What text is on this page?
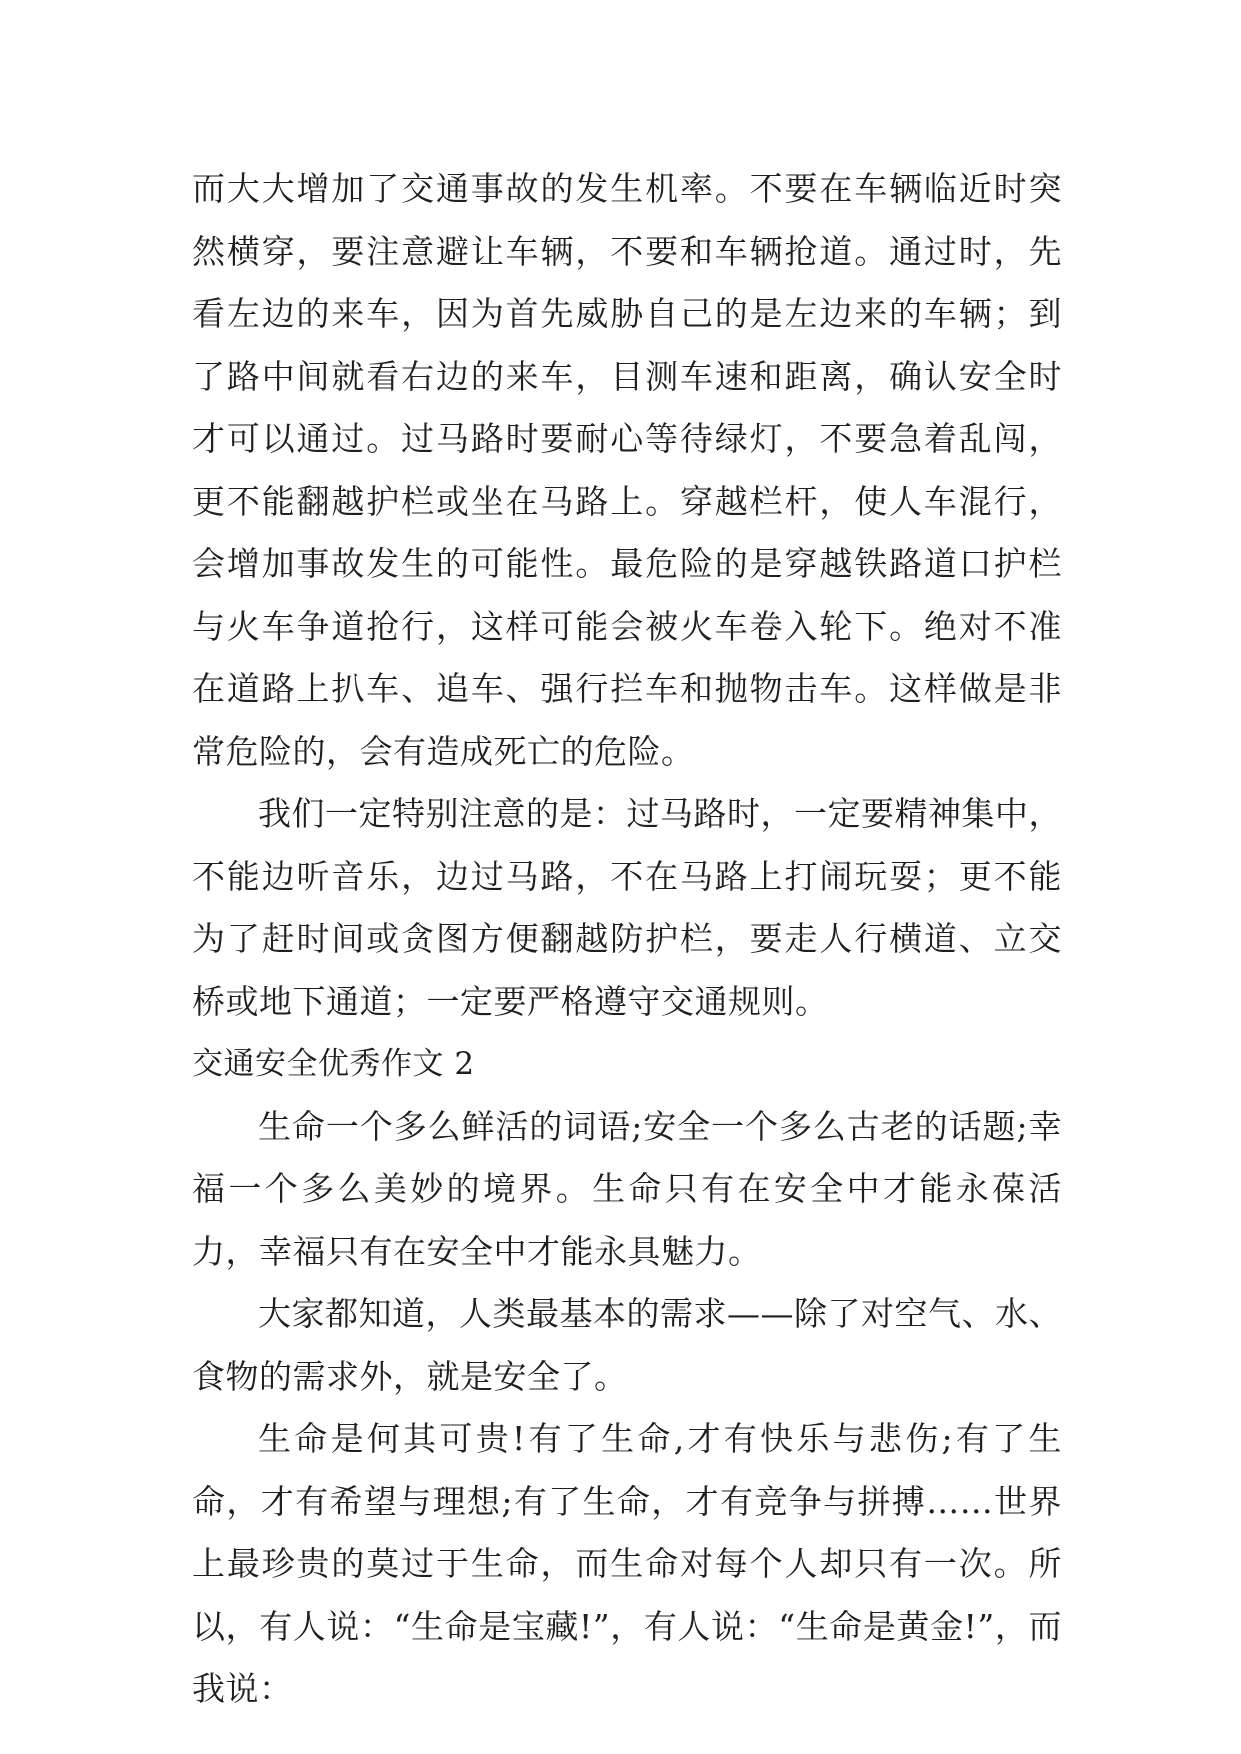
而大大增加了交通事故的发生机率。不要在车辆临近时突然横穿，要注意避让车辆，不要和车辆抢道。通过时，先看左边的来车，因为首先威胁自己的是左边来的车辆；到了路中间就看右边的来车，目测车速和距离，确认安全时才可以通过。过马路时要耐心等待绿灯，不要急着乱闯，更不能翻越护栏或坐在马路上。穿越栏杆，使人车混行，会增加事故发生的可能性。最危险的是穿越铁路道口护栏与火车争道抢行，这样可能会被火车卷入轮下。绝对不准在道路上扒车、追车、强行拦车和抛物击车。这样做是非常危险的，会有造成死亡的危险。

我们一定特别注意的是：过马路时，一定要精神集中，不能边听音乐，边过马路，不在马路上打闹玩耍；更不能为了赶时间或贪图方便翻越防护栏，要走人行横道、立交桥或地下通道；一定要严格遵守交通规则。

交通安全优秀作文 2

生命一个多么鲜活的词语;安全一个多么古老的话题;幸福一个多么美妙的境界。生命只有在安全中才能永葆活力，幸福只有在安全中才能永具魅力。

大家都知道，人类最基本的需求——除了对空气、水、食物的需求外，就是安全了。

生命是何其可贵!有了生命,才有快乐与悲伤;有了生命，才有希望与理想;有了生命，才有竞争与拼搏……世界上最珍贵的莫过于生命，而生命对每个人却只有一次。所以，有人说：“生命是宝藏!”，有人说：“生命是黄金!”，而我说：
